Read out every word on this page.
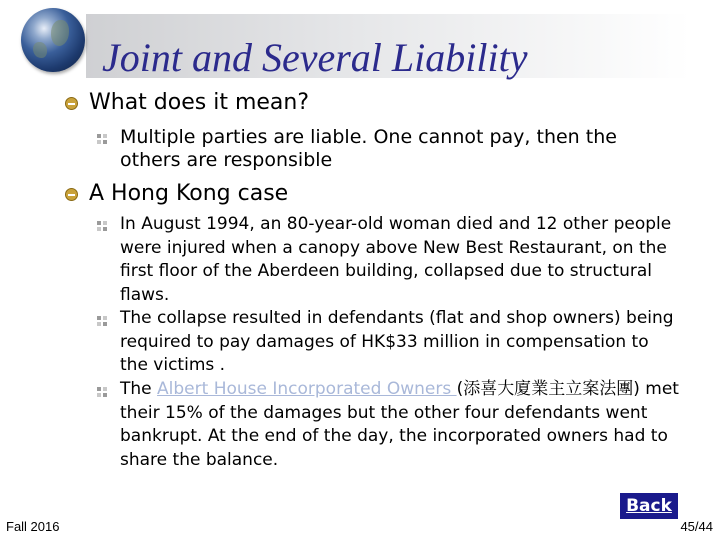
Joint and Several Liability

What does it mean?

Multiple parties are liable. One cannot pay, then the others are responsible

A Hong Kong case

In August 1994, an 80-year-old woman died and 12 other people were injured when a canopy above New Best Restaurant, on the first floor of the Aberdeen building, collapsed due to structural flaws.

The collapse resulted in defendants (flat and shop owners) being required to pay damages of HK$33 million in compensation to the victims .

The Albert House Incorporated Owners (添喜大廈業主立案法團) met their 15% of the damages but the other four defendants went bankrupt. At the end of the day, the incorporated owners had to share the balance.

Back
Fall 2016	45/44
